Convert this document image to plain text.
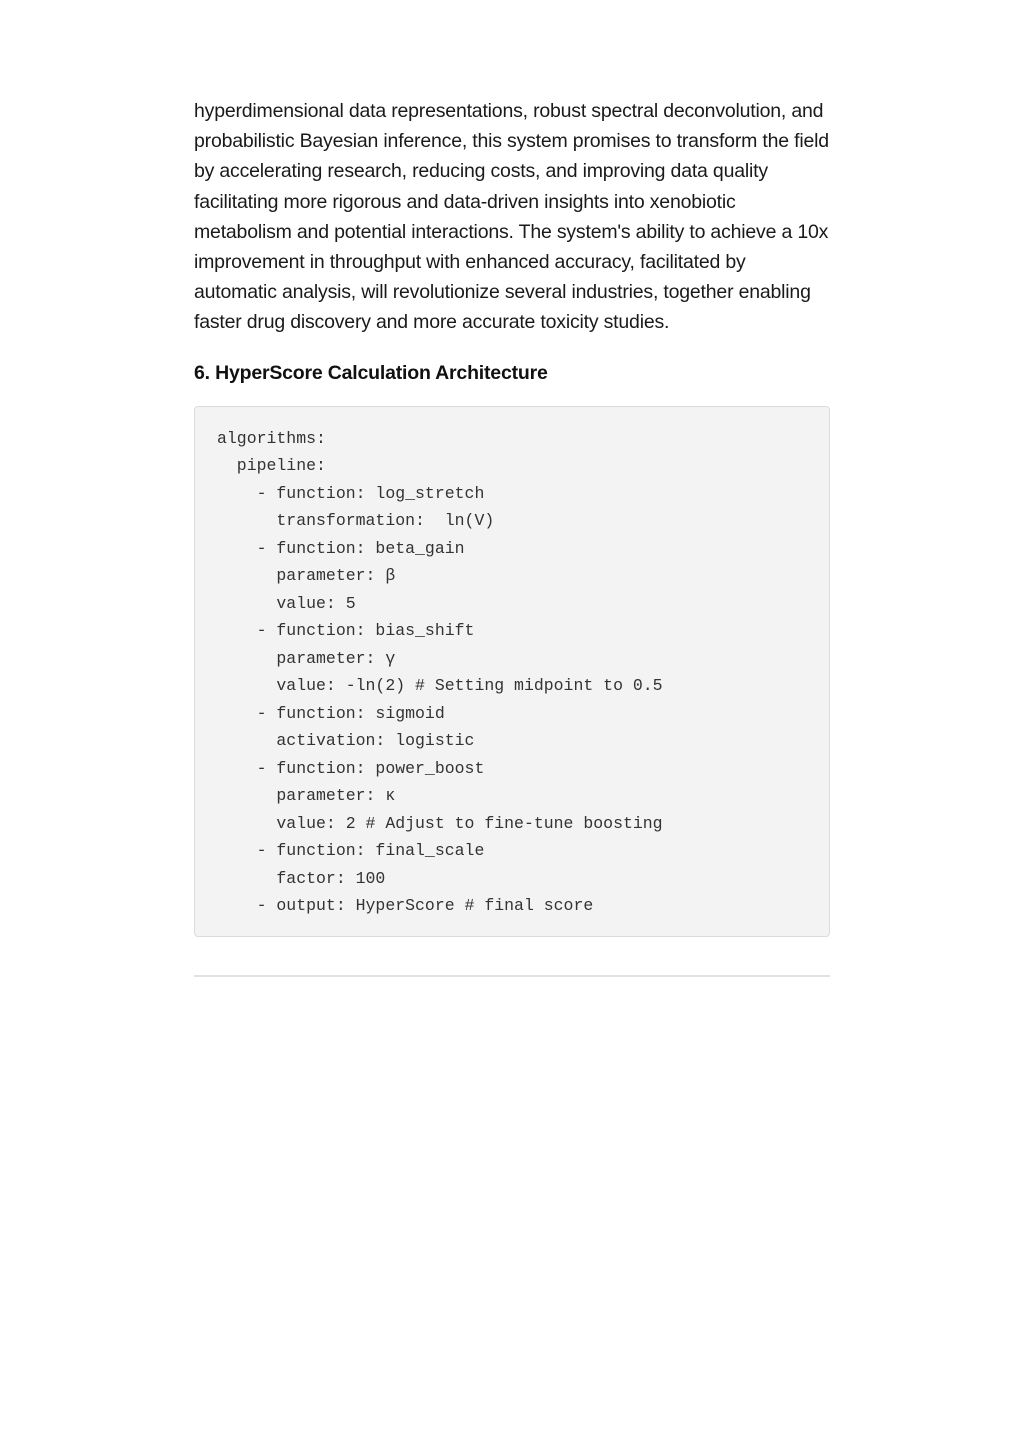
hyperdimensional data representations, robust spectral deconvolution, and probabilistic Bayesian inference, this system promises to transform the field by accelerating research, reducing costs, and improving data quality facilitating more rigorous and data-driven insights into xenobiotic metabolism and potential interactions. The system's ability to achieve a 10x improvement in throughput with enhanced accuracy, facilitated by automatic analysis, will revolutionize several industries, together enabling faster drug discovery and more accurate toxicity studies.

6. HyperScore Calculation Architecture
algorithms:
pipeline:
- function: log_stretch
transformation:  ln(V)
- function: beta_gain
parameter: β
value: 5
- function: bias_shift
parameter: γ
value: -ln(2) # Setting midpoint to 0.5
- function: sigmoid
activation: logistic
- function: power_boost
parameter: κ
value: 2 # Adjust to fine-tune boosting
- function: final_scale
factor: 100
- output: HyperScore # final score
